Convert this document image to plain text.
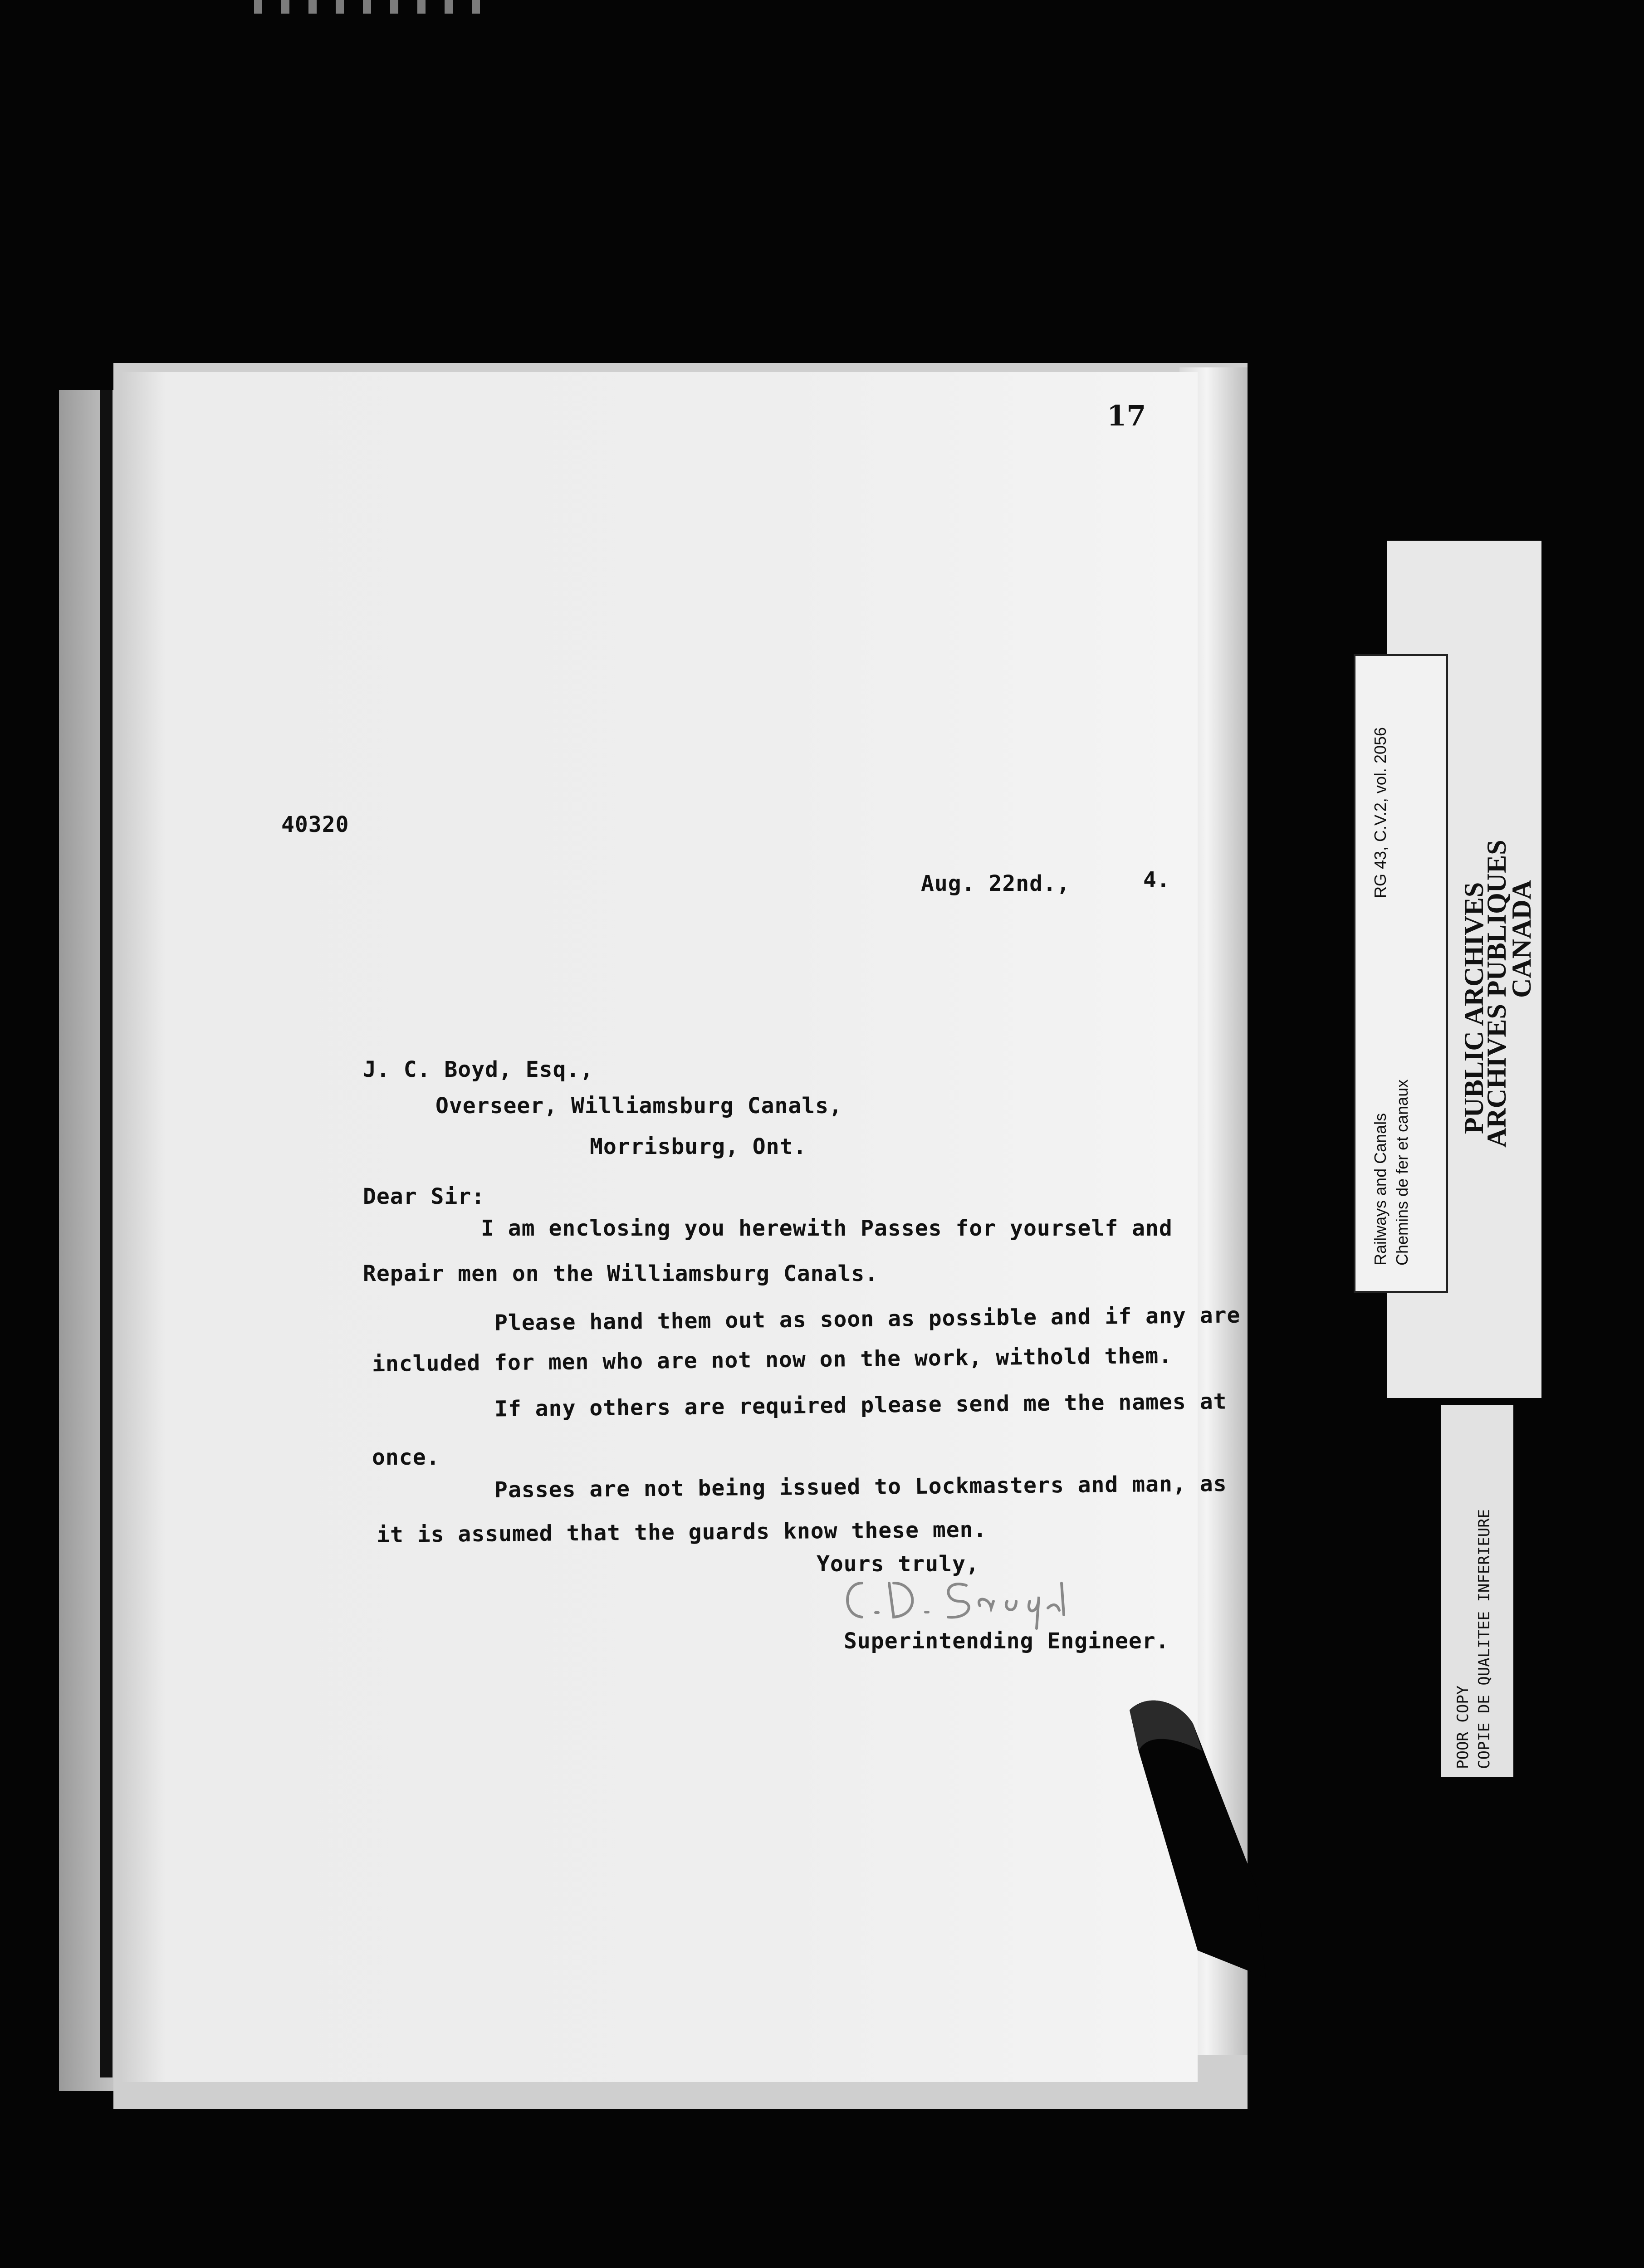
17
40320
Aug. 22nd.,	4.
J. C. Boyd, Esq.,
Overseer, Williamsburg Canals,
Morrisburg, Ont.
Dear Sir:
I am enclosing you herewith Passes for yourself and
Repair men on the Williamsburg Canals.
Please hand them out as soon as possible and if any are
included for men who are not now on the work, withold them.
If any others are required please send me the names at
once.
Passes are not being issued to Lockmasters and man, as
it is assumed that the guards know these men.
Yours truly,
Superintending Engineer.
Railways and Canals Chemins de fer et canaux
RG 43, C.V.2, vol. 2056
PUBLIC ARCHIVES
ARCHIVES PUBLIQUES
CANADA
POOR COPY COPIE DE QUALITEE INFERIEURE
